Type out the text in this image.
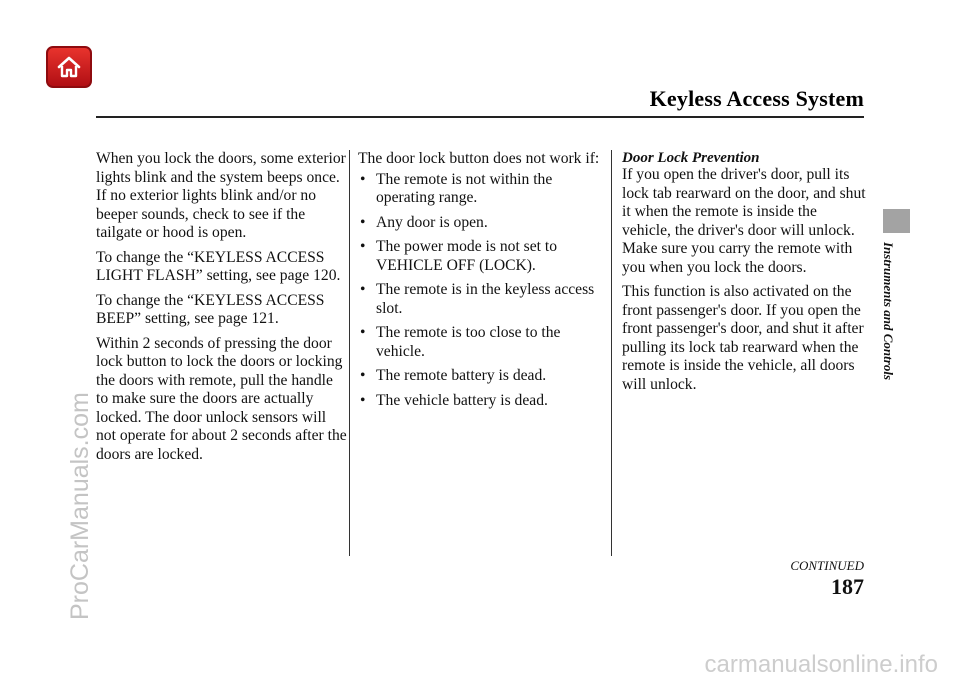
Keyless Access System

When you lock the doors, some exterior lights blink and the system beeps once. If no exterior lights blink and/or no beeper sounds, check to see if the tailgate or hood is open.

To change the “KEYLESS ACCESS LIGHT FLASH” setting, see page 120.

To change the “KEYLESS ACCESS BEEP” setting, see page 121.

Within 2 seconds of pressing the door lock button to lock the doors or locking the doors with remote, pull the handle to make sure the doors are actually locked. The door unlock sensors will not operate for about 2 seconds after the doors are locked.

The door lock button does not work if:

• The remote is not within the operating range.
• Any door is open.
• The power mode is not set to VEHICLE OFF (LOCK).
• The remote is in the keyless access slot.
• The remote is too close to the vehicle.
• The remote battery is dead.
• The vehicle battery is dead.
Door Lock Prevention

If you open the driver's door, pull its lock tab rearward on the door, and shut it when the remote is inside the vehicle, the driver's door will unlock. Make sure you carry the remote with you when you lock the doors.

This function is also activated on the front passenger's door. If you open the front passenger's door, and shut it after pulling its lock tab rearward when the remote is inside the vehicle, all doors will unlock.

Instruments and Controls
CONTINUED
187
ProCarManuals.com
carmanualsonline.info
